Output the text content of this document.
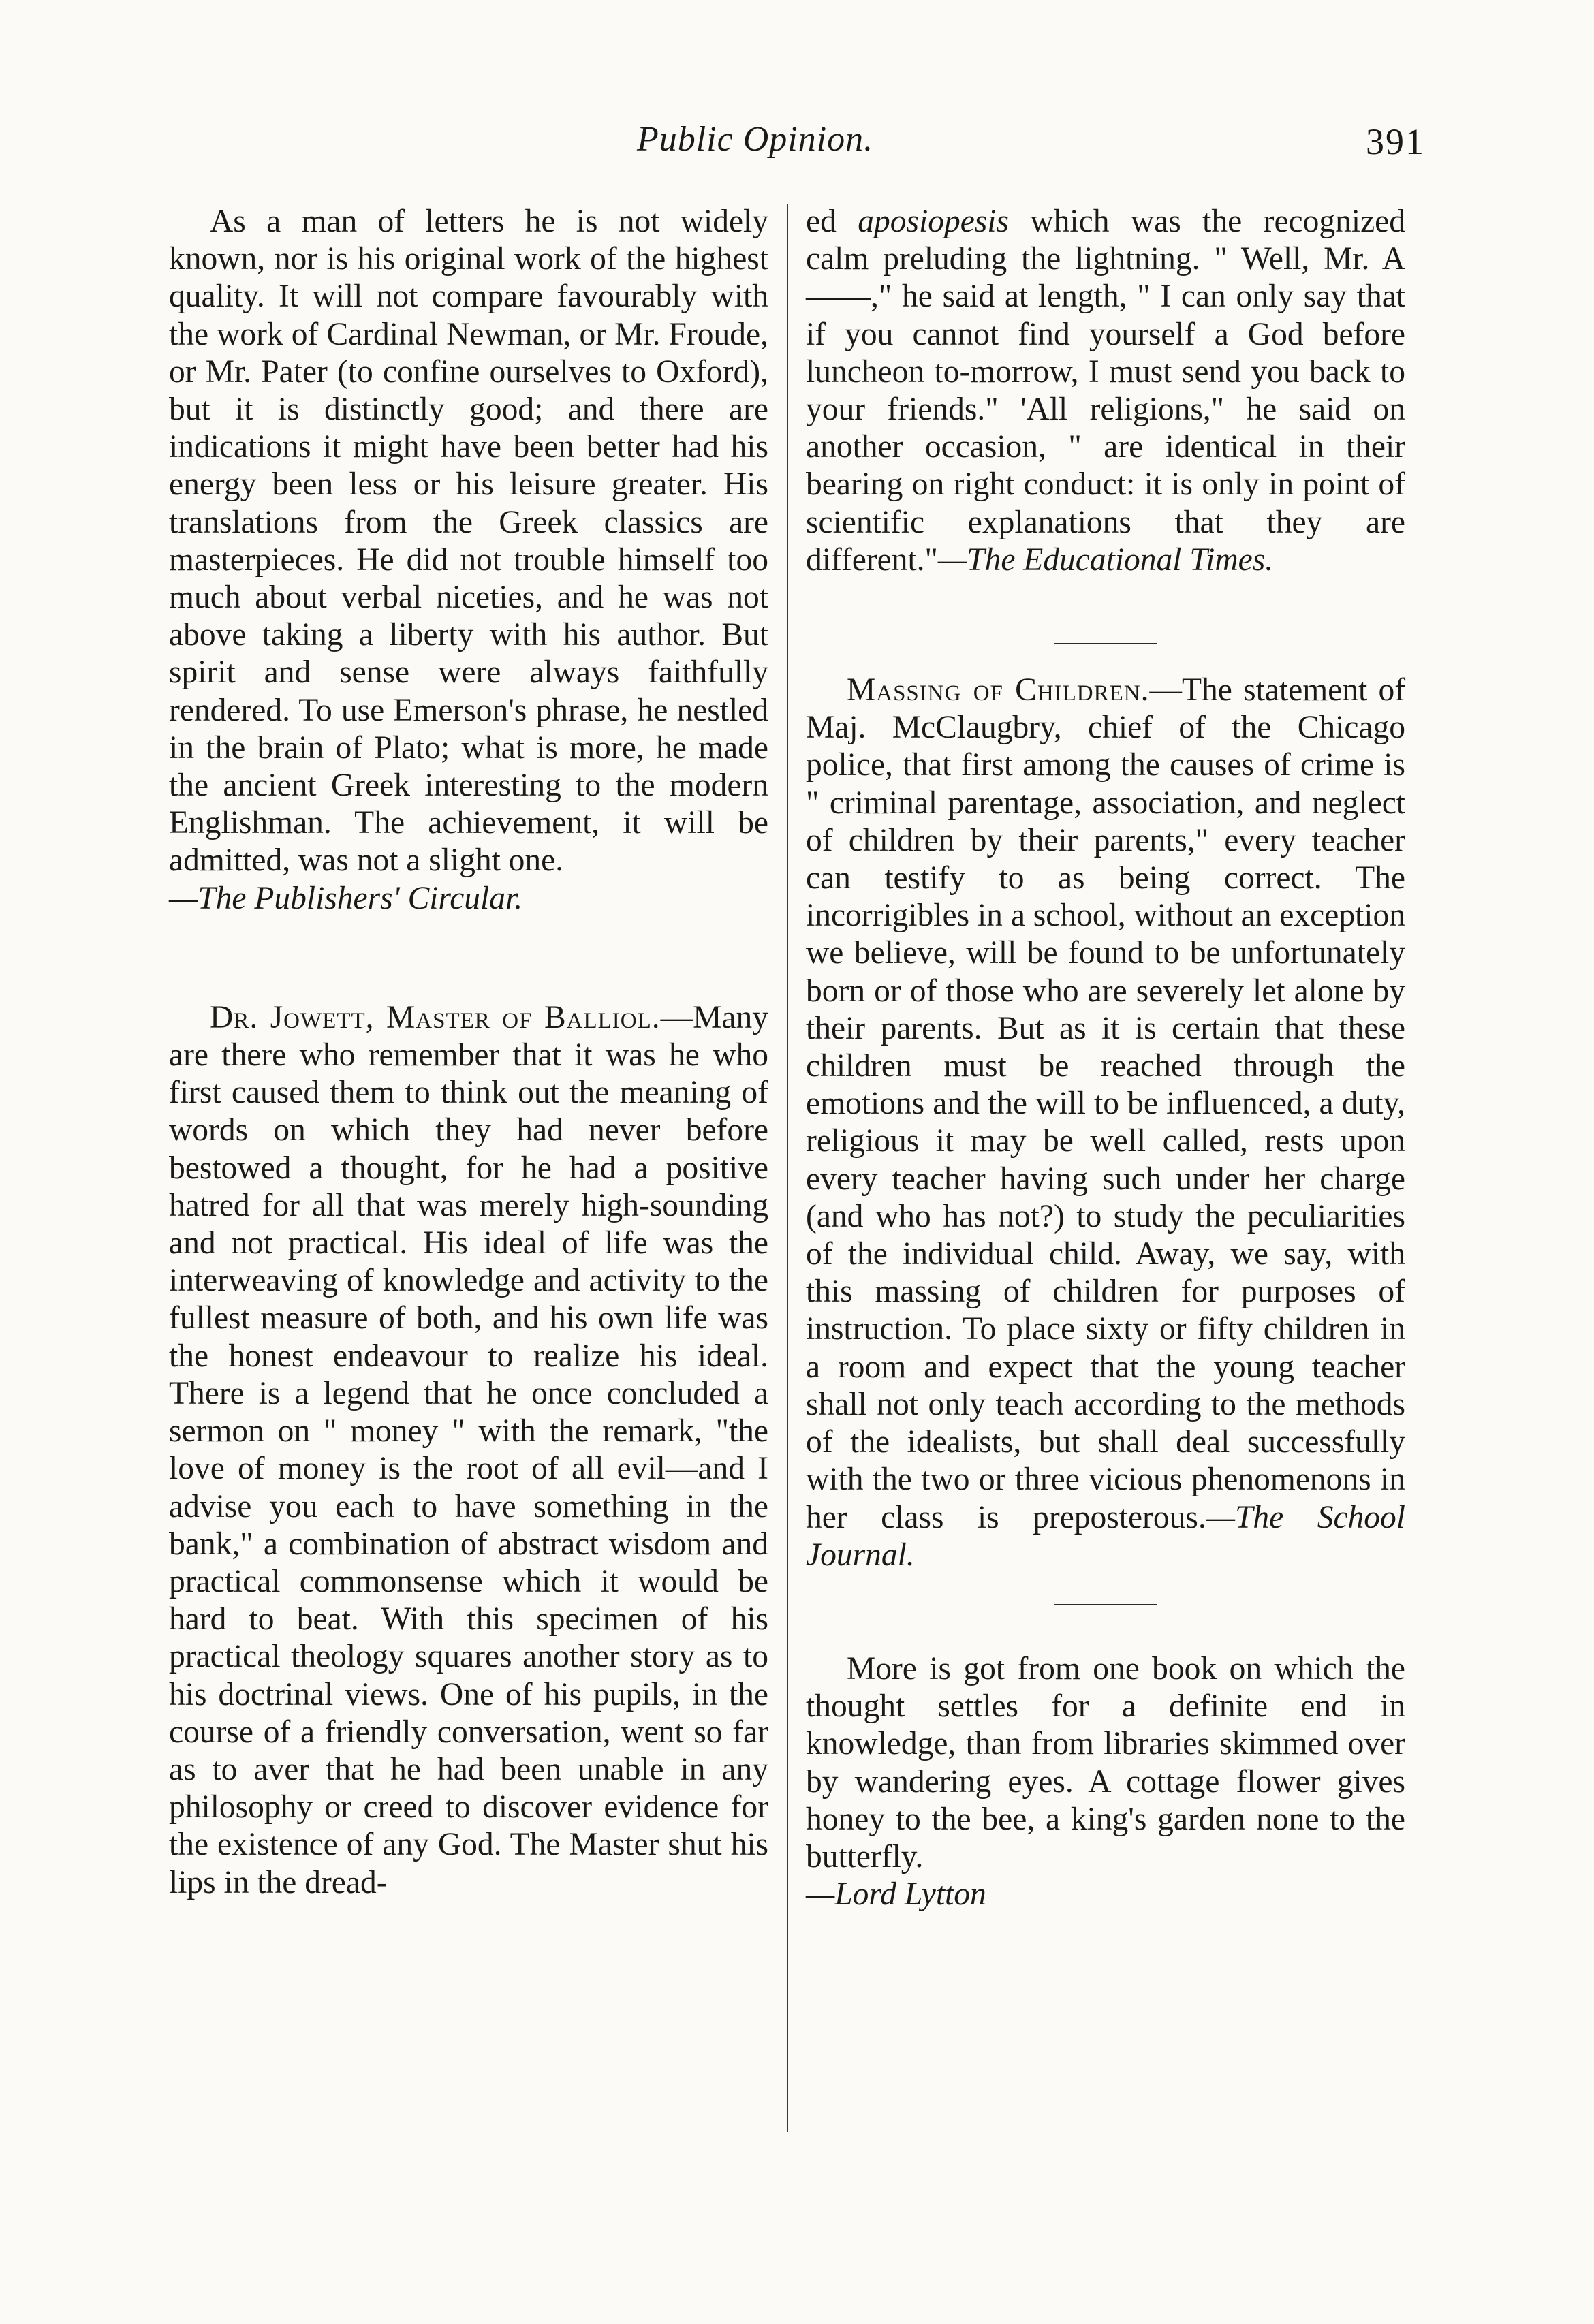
Public Opinion.	391

As a man of letters he is not widely known, nor is his original work of the highest quality. It will not compare favourably with the work of Cardinal Newman, or Mr. Froude, or Mr. Pater (to confine ourselves to Oxford), but it is distinctly good; and there are indications it might have been better had his energy been less or his leisure greater. His translations from the Greek classics are masterpieces. He did not trouble himself too much about verbal niceties, and he was not above taking a liberty with his author. But spirit and sense were always faithfully rendered. To use Emerson's phrase, he nestled in the brain of Plato; what is more, he made the ancient Greek interesting to the modern Englishman. The achievement, it will be admitted, was not a slight one.

—The Publishers' Circular.

Dr. Jowett, Master of Balliol.—Many are there who remember that it was he who first caused them to think out the meaning of words on which they had never before bestowed a thought, for he had a positive hatred for all that was merely high-sounding and not practical. His ideal of life was the interweaving of knowledge and activity to the fullest measure of both, and his own life was the honest endeavour to realize his ideal. There is a legend that he once concluded a sermon on " money " with the remark, "the love of money is the root of all evil—and I advise you each to have something in the bank," a combination of abstract wisdom and practical commonsense which it would be hard to beat. With this specimen of his practical theology squares another story as to his doctrinal views. One of his pupils, in the course of a friendly conversation, went so far as to aver that he had been unable in any philosophy or creed to discover evidence for the existence of any God. The Master shut his lips in the dread-

ed aposiopesis which was the recognized calm preluding the lightning. " Well, Mr. A——," he said at length, " I can only say that if you cannot find yourself a God before luncheon to-morrow, I must send you back to your friends." 'All religions," he said on another occasion, " are identical in their bearing on right conduct: it is only in point of scientific explanations that they are different."—The Educational Times.

Massing of Children.—The statement of Maj. McClaugbry, chief of the Chicago police, that first among the causes of crime is " criminal parentage, association, and neglect of children by their parents," every teacher can testify to as being correct. The incorrigibles in a school, without an exception we believe, will be found to be unfortunately born or of those who are severely let alone by their parents. But as it is certain that these children must be reached through the emotions and the will to be influenced, a duty, religious it may be well called, rests upon every teacher having such under her charge (and who has not?) to study the peculiarities of the individual child. Away, we say, with this massing of children for purposes of instruction. To place sixty or fifty children in a room and expect that the young teacher shall not only teach according to the methods of the idealists, but shall deal successfully with the two or three vicious phenomenons in her class is preposterous.—The School Journal.

More is got from one book on which the thought settles for a definite end in knowledge, than from libraries skimmed over by wandering eyes. A cottage flower gives honey to the bee, a king's garden none to the butterfly.

—Lord Lytton
